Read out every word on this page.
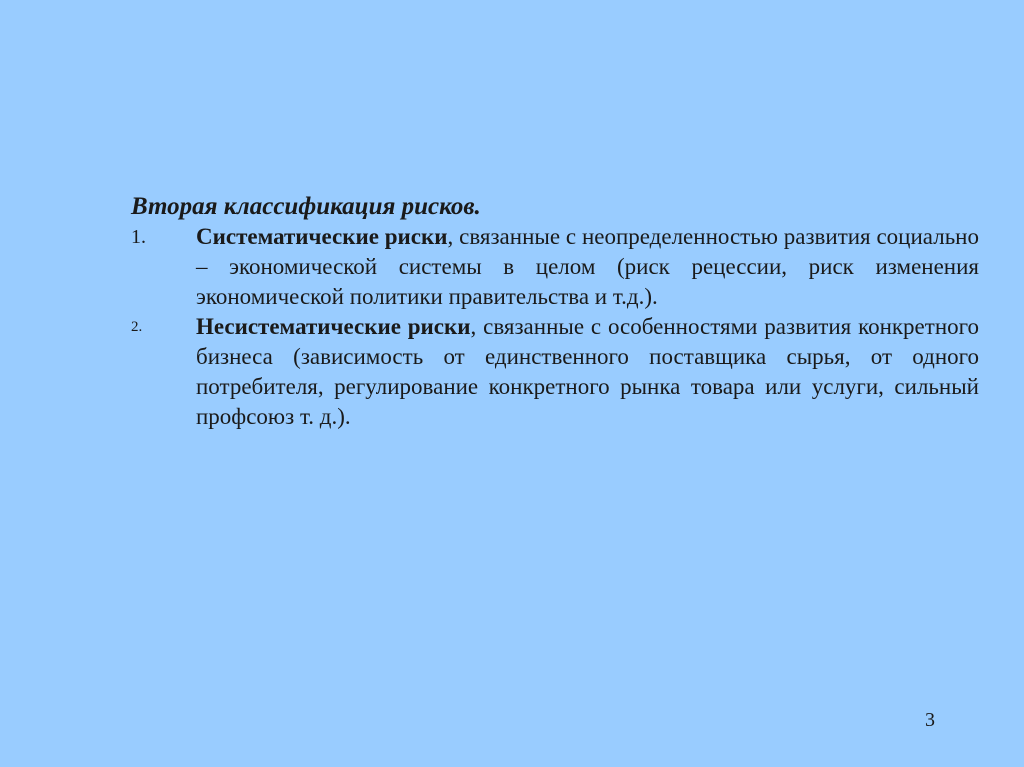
Вторая классификация рисков.

1.	Систематические риски, связанные с неопределенностью развития социально – экономической системы в целом (риск рецессии, риск изменения экономической политики правительства и т.д.).
2.	Несистематические риски, связанные с особенностями развития конкретного бизнеса (зависимость от единственного поставщика сырья, от одного потребителя, регулирование конкретного рынка товара или услуги, сильный профсоюз т. д.).
3
